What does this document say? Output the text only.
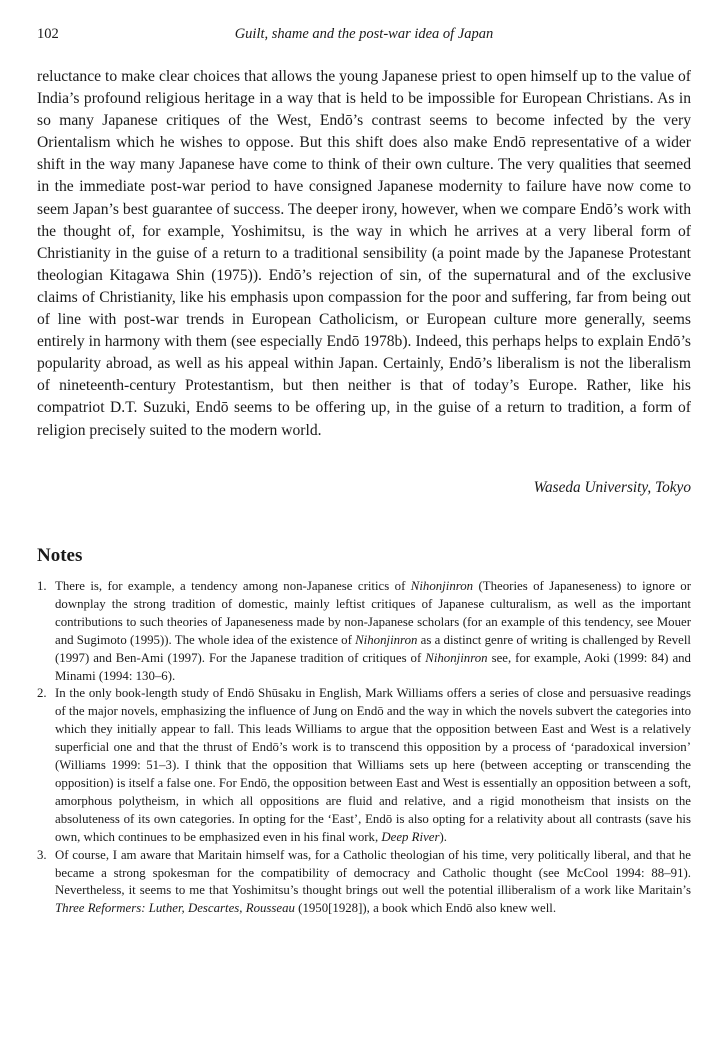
102	Guilt, shame and the post-war idea of Japan

reluctance to make clear choices that allows the young Japanese priest to open himself up to the value of India’s profound religious heritage in a way that is held to be impossible for European Christians. As in so many Japanese critiques of the West, Endō’s contrast seems to become infected by the very Orientalism which he wishes to oppose. But this shift does also make Endō representative of a wider shift in the way many Japanese have come to think of their own culture. The very qualities that seemed in the immediate post-war period to have consigned Japanese modernity to failure have now come to seem Japan’s best guarantee of success. The deeper irony, however, when we compare Endō’s work with the thought of, for example, Yoshimitsu, is the way in which he arrives at a very liberal form of Christianity in the guise of a return to a traditional sensibility (a point made by the Japanese Protestant theologian Kitagawa Shin (1975)). Endō’s rejection of sin, of the supernatural and of the exclusive claims of Christianity, like his emphasis upon compassion for the poor and suffering, far from being out of line with post-war trends in European Catholicism, or European culture more generally, seems entirely in harmony with them (see especially Endō 1978b). Indeed, this perhaps helps to explain Endō’s popularity abroad, as well as his appeal within Japan. Certainly, Endō’s liberalism is not the liberalism of nineteenth-century Protestantism, but then neither is that of today’s Europe. Rather, like his compatriot D.T. Suzuki, Endō seems to be offering up, in the guise of a return to tradition, a form of religion precisely suited to the modern world.

Waseda University, Tokyo

Notes
1. There is, for example, a tendency among non-Japanese critics of Nihonjinron (Theories of Japaneseness) to ignore or downplay the strong tradition of domestic, mainly leftist critiques of Japanese culturalism, as well as the important contributions to such theories of Japaneseness made by non-Japanese scholars (for an example of this tendency, see Mouer and Sugimoto (1995)). The whole idea of the existence of Nihonjinron as a distinct genre of writing is challenged by Revell (1997) and Ben-Ami (1997). For the Japanese tradition of critiques of Nihonjinron see, for example, Aoki (1999: 84) and Minami (1994: 130–6).
2. In the only book-length study of Endō Shūsaku in English, Mark Williams offers a series of close and persuasive readings of the major novels, emphasizing the influence of Jung on Endō and the way in which the novels subvert the categories into which they initially appear to fall. This leads Williams to argue that the opposition between East and West is a relatively superficial one and that the thrust of Endō’s work is to transcend this opposition by a process of ‘paradoxical inversion’ (Williams 1999: 51–3). I think that the opposition that Williams sets up here (between accepting or transcending the opposition) is itself a false one. For Endō, the opposition between East and West is essentially an opposition between a soft, amorphous polytheism, in which all oppositions are fluid and relative, and a rigid monotheism that insists on the absoluteness of its own categories. In opting for the ‘East’, Endō is also opting for a relativity about all contrasts (save his own, which continues to be emphasized even in his final work, Deep River).
3. Of course, I am aware that Maritain himself was, for a Catholic theologian of his time, very politically liberal, and that he became a strong spokesman for the compatibility of democracy and Catholic thought (see McCool 1994: 88–91). Nevertheless, it seems to me that Yoshimitsu’s thought brings out well the potential illiberalism of a work like Maritain’s Three Reformers: Luther, Descartes, Rousseau (1950[1928]), a book which Endō also knew well.
